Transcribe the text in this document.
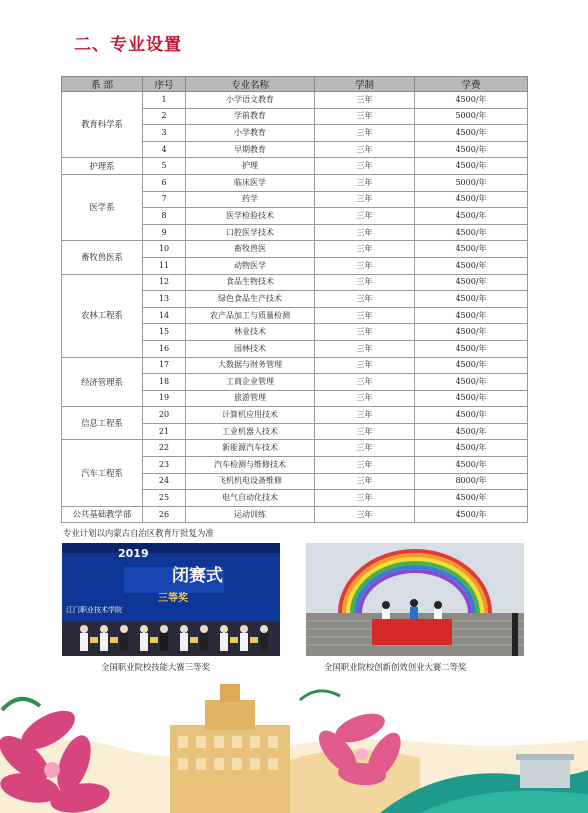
二、专业设置
系 部	序号	专业名称	学制	学费
教育科学系	1	小学语文教育	三年	4500/年
	2	学前教育	三年	5000/年
	3	小学教育	三年	4500/年
	4	早期教育	三年	4500/年
护理系	5	护理	三年	4500/年
医学系	6	临床医学	三年	5000/年
	7	药学	三年	4500/年
	8	医学检验技术	三年	4500/年
	9	口腔医学技术	三年	4500/年
畜牧兽医系	10	畜牧兽医	三年	4500/年
	11	动物医学	三年	4500/年
农林工程系	12	食品生物技术	三年	4500/年
	13	绿色食品生产技术	三年	4500/年
	14	农产品加工与质量检测	三年	4500/年
	15	林业技术	三年	4500/年
	16	园林技术	三年	4500/年
经济管理系	17	大数据与财务管理	三年	4500/年
	18	工商企业管理	三年	4500/年
	19	旅游管理	三年	4500/年
信息工程系	20	计算机应用技术	三年	4500/年
	21	工业机器人技术	三年	4500/年
汽车工程系	22	新能源汽车技术	三年	4500/年
	23	汽车检测与维修技术	三年	4500/年
	24	飞机机电设备维修	三年	8000/年
	25	电气自动化技术	三年	4500/年
公共基础教学部	26	运动训练	三年	4500/年
专业计划以内蒙古自治区教育厅批复为准
2019
闭赛式
三等奖
江门职业技术学院
全国职业院校技能大赛三等奖	全国职业院校创新创效创业大赛二等奖
